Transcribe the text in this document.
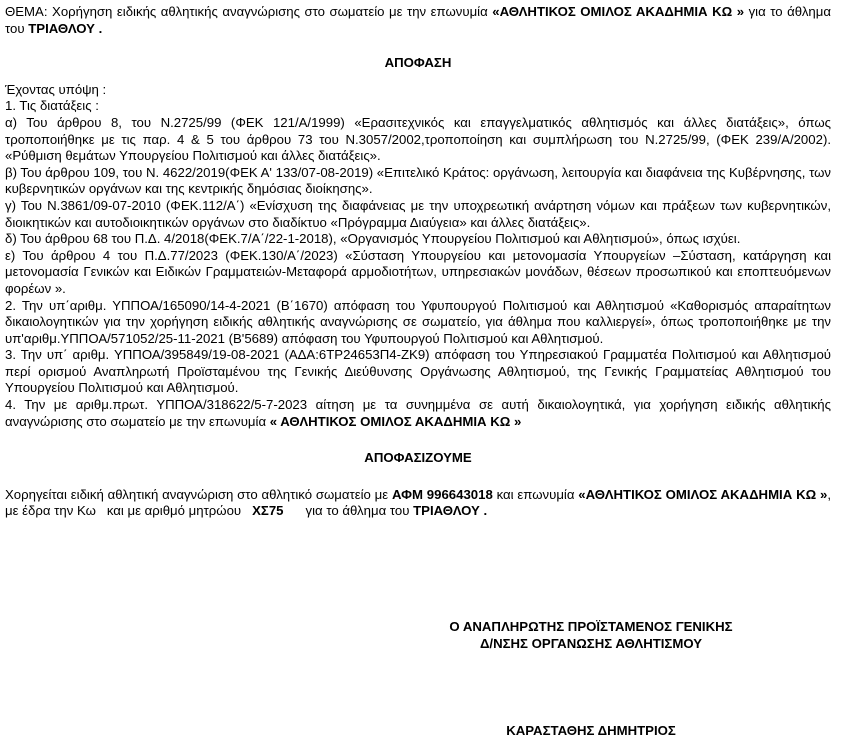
ΘΕΜΑ: Χορήγηση ειδικής αθλητικής αναγνώρισης στο σωματείο με την επωνυμία «ΑΘΛΗΤΙΚΟΣ ΟΜΙΛΟΣ ΑΚΑΔΗΜΙΑ ΚΩ » για το άθλημα του ΤΡΙΑΘΛΟΥ .

ΑΠΟΦΑΣΗ

Έχοντας υπόψη :

1. Τις διατάξεις :

α) Του άρθρου 8, του Ν.2725/99 (ΦΕΚ 121/Α/1999) «Ερασιτεχνικός και επαγγελματικός αθλητισμός και άλλες διατάξεις», όπως τροποποιήθηκε με τις παρ. 4 & 5 του άρθρου 73 του Ν.3057/2002,τροποποίηση και συμπλήρωση του Ν.2725/99, (ΦΕΚ 239/Α/2002). «Ρύθμιση θεμάτων Υπουργείου Πολιτισμού και άλλες διατάξεις».

β) Του άρθρου 109, του Ν. 4622/2019(ΦΕΚ Α' 133/07-08-2019) «Επιτελικό Κράτος: οργάνωση, λειτουργία και διαφάνεια της Κυβέρνησης, των κυβερνητικών οργάνων και της κεντρικής δημόσιας διοίκησης».

γ) Του Ν.3861/09-07-2010 (ΦΕΚ.112/Α΄) «Ενίσχυση της διαφάνειας με την υποχρεωτική ανάρτηση νόμων και πράξεων των κυβερνητικών, διοικητικών και αυτοδιοικητικών οργάνων στο διαδίκτυο «Πρόγραμμα Διαύγεια» και άλλες διατάξεις».

δ) Του άρθρου 68 του Π.Δ. 4/2018(ΦΕΚ.7/Α΄/22-1-2018), «Οργανισμός Υπουργείου Πολιτισμού και Αθλητισμού», όπως ισχύει.

ε) Του άρθρου 4 του Π.Δ.77/2023 (ΦΕΚ.130/Α΄/2023) «Σύσταση Υπουργείου και μετονομασία Υπουργείων –Σύσταση, κατάργηση και μετονομασία Γενικών και Ειδικών Γραμματειών-Μεταφορά αρμοδιοτήτων, υπηρεσιακών μονάδων, θέσεων προσωπικού και εποπτευόμενων φορέων ».

2. Την υπ΄αριθμ. ΥΠΠΟΑ/165090/14-4-2021 (Β΄1670) απόφαση του Υφυπουργού Πολιτισμού και Αθλητισμού «Καθορισμός απαραίτητων δικαιολογητικών για την χορήγηση ειδικής αθλητικής αναγνώρισης σε σωματείο, για άθλημα που καλλιεργεί», όπως τροποποιήθηκε με την υπ'αριθμ.ΥΠΠΟΑ/571052/25-11-2021 (Β'5689) απόφαση του Υφυπουργού Πολιτισμού και Αθλητισμού.

3. Την υπ΄ αριθμ. ΥΠΠΟΑ/395849/19-08-2021 (ΑΔΑ:6ΤΡ24653Π4-ΖΚ9) απόφαση του Υπηρεσιακού Γραμματέα Πολιτισμού και Αθλητισμού περί ορισμού Αναπληρωτή Προϊσταμένου της Γενικής Διεύθυνσης Οργάνωσης Αθλητισμού, της Γενικής Γραμματείας Αθλητισμού του Υπουργείου Πολιτισμού και Αθλητισμού.

4. Την με αριθμ.πρωτ. ΥΠΠΟΑ/318622/5-7-2023 αίτηση με τα συνημμένα σε αυτή δικαιολογητικά, για χορήγηση ειδικής αθλητικής αναγνώρισης στο σωματείο με την επωνυμία « ΑΘΛΗΤΙΚΟΣ ΟΜΙΛΟΣ ΑΚΑΔΗΜΙΑ ΚΩ »

ΑΠΟΦΑΣΙΖΟΥΜΕ

Χορηγείται ειδική αθλητική αναγνώριση στο αθλητικό σωματείο με ΑΦΜ 996643018 και επωνυμία «ΑΘΛΗΤΙΚΟΣ ΟΜΙΛΟΣ ΑΚΑΔΗΜΙΑ ΚΩ », με έδρα την Κω   και με αριθμό μητρώου   ΧΣ75      για το άθλημα του ΤΡΙΑΘΛΟΥ .

Ο ΑΝΑΠΛΗΡΩΤΗΣ ΠΡΟΪΣΤΑΜΕΝΟΣ ΓΕΝΙΚΗΣ
Δ/ΝΣΗΣ ΟΡΓΑΝΩΣΗΣ ΑΘΛΗΤΙΣΜΟΥ
ΚΑΡΑΣΤΑΘΗΣ ΔΗΜΗΤΡΙΟΣ
